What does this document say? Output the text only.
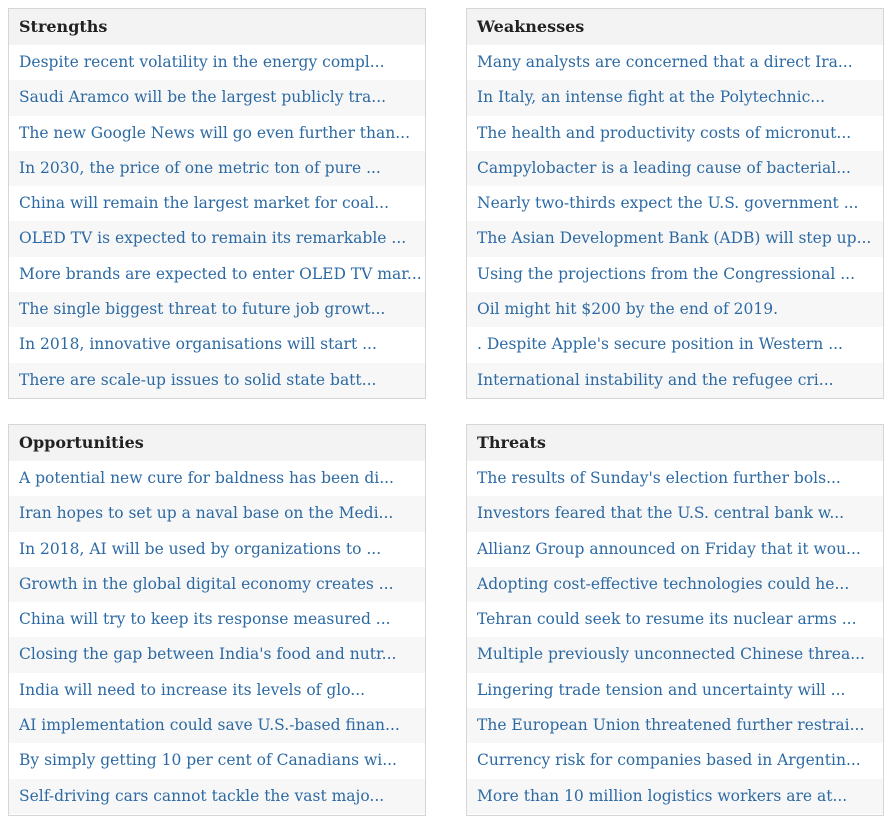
Strengths
Despite recent volatility in the energy compl...
Saudi Aramco will be the largest publicly tra...
The new Google News will go even further than...
In 2030, the price of one metric ton of pure ...
China will remain the largest market for coal...
OLED TV is expected to remain its remarkable ...
More brands are expected to enter OLED TV mar...
The single biggest threat to future job growt...
In 2018, innovative organisations will start ...
There are scale-up issues to solid state batt...
Weaknesses
Many analysts are concerned that a direct Ira...
In Italy, an intense fight at the Polytechnic...
The health and productivity costs of micronut...
Campylobacter is a leading cause of bacterial...
Nearly two-thirds expect the U.S. government ...
The Asian Development Bank (ADB) will step up...
Using the projections from the Congressional ...
Oil might hit $200 by the end of 2019.
. Despite Apple's secure position in Western ...
International instability and the refugee cri...
Opportunities
A potential new cure for baldness has been di...
Iran hopes to set up a naval base on the Medi...
In 2018, AI will be used by organizations to ...
Growth in the global digital economy creates ...
China will try to keep its response measured ...
Closing the gap between India's food and nutr...
India will need to increase its levels of glo...
AI implementation could save U.S.-based finan...
By simply getting 10 per cent of Canadians wi...
Self-driving cars cannot tackle the vast majo...
Threats
The results of Sunday's election further bols...
Investors feared that the U.S. central bank w...
Allianz Group announced on Friday that it wou...
Adopting cost-effective technologies could he...
Tehran could seek to resume its nuclear arms ...
Multiple previously unconnected Chinese threa...
Lingering trade tension and uncertainty will ...
The European Union threatened further restrai...
Currency risk for companies based in Argentin...
More than 10 million logistics workers are at...
